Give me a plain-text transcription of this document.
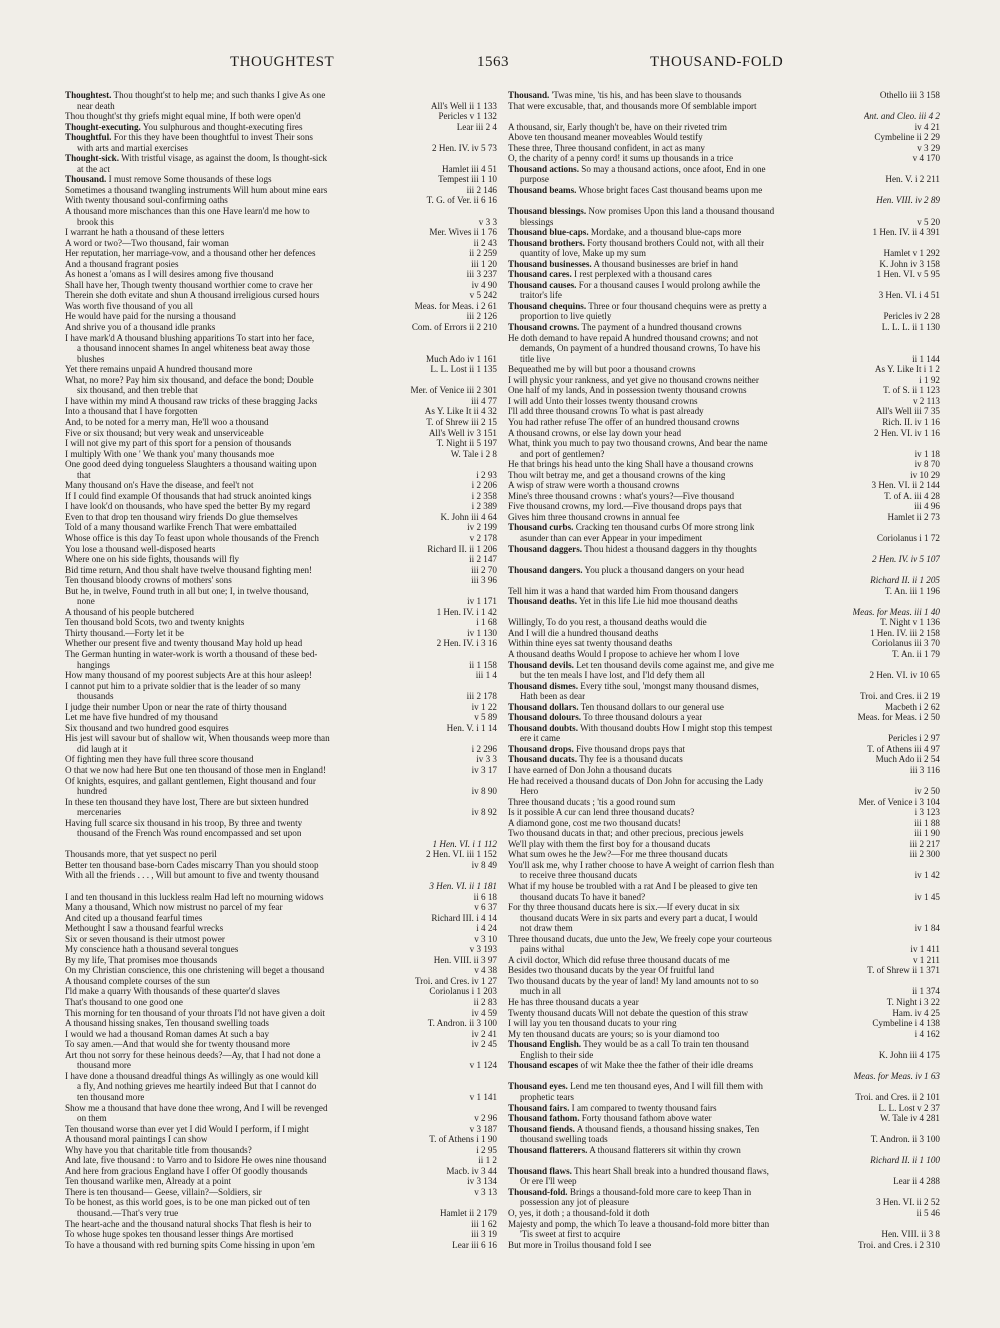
THOUGHTEST	1563	THOUSAND-FOLD
Thoughtest. Thou thought'st to help me; and such thanks I give As one
near death	All's Well ii 1 133
Thou thought'st thy griefs might equal mine, If both were open'd	Pericles v 1 132
Thought-executing. You sulphurous and thought-executing fires	Lear iii 2 4
Thoughtful. For this they have been thoughtful to invest Their sons
with arts and martial exercises	2 Hen. IV. iv 5 73
Thought-sick. With tristful visage, as against the doom, Is thought-sick
at the act	Hamlet iii 4 51
Thousand. I must remove Some thousands of these logs	Tempest iii 1 10
Sometimes a thousand twangling instruments Will hum about mine ears	iii 2 146
With twenty thousand soul-confirming oaths	T. G. of Ver. ii 6 16
A thousand more mischances than this one Have learn'd me how to
brook this	v 3 3
I warrant he hath a thousand of these letters	Mer. Wives ii 1 76
A word or two?—Two thousand, fair woman	ii 2 43
Her reputation, her marriage-vow, and a thousand other her defences	ii 2 259
And a thousand fragrant posies	iii 1 20
As honest a 'omans as I will desires among five thousand	iii 3 237
Shall have her, Though twenty thousand worthier come to crave her	iv 4 90
Therein she doth evitate and shun A thousand irreligious cursed hours	v 5 242
Was worth five thousand of you all	Meas. for Meas. i 2 61
He would have paid for the nursing a thousand	iii 2 126
And shrive you of a thousand idle pranks	Com. of Errors ii 2 210
I have mark'd A thousand blushing apparitions To start into her face,
a thousand innocent shames In angel whiteness beat away those
blushes	Much Ado iv 1 161
Yet there remains unpaid A hundred thousand more	L. L. Lost ii 1 135
What, no more? Pay him six thousand, and deface the bond; Double
six thousand, and then treble that	Mer. of Venice iii 2 301
I have within my mind A thousand raw tricks of these bragging Jacks	iii 4 77
Into a thousand that I have forgotten	As Y. Like It ii 4 32
And, to be noted for a merry man, He'll woo a thousand	T. of Shrew iii 2 15
Five or six thousand; but very weak and unserviceable	All's Well iv 3 151
I will not give my part of this sport for a pension of thousands	T. Night ii 5 197
I multiply With one ' We thank you' many thousands moe	W. Tale i 2 8
One good deed dying tongueless Slaughters a thousand waiting upon
that	i 2 93
Many thousand on's Have the disease, and feel't not	i 2 206
If I could find example Of thousands that had struck anointed kings	i 2 358
I have look'd on thousands, who have sped the better By my regard	i 2 389
Even to that drop ten thousand wiry friends Do glue themselves	K. John iii 4 64
Told of a many thousand warlike French That were embattailed	iv 2 199
Whose office is this day To feast upon whole thousands of the French	v 2 178
You lose a thousand well-disposed hearts	Richard II. ii 1 206
Where one on his side fights, thousands will fly	ii 2 147
Bid time return, And thou shalt have twelve thousand fighting men!	iii 2 70
Ten thousand bloody crowns of mothers' sons	iii 3 96
But he, in twelve, Found truth in all but one; I, in twelve thousand,
none	iv 1 171
A thousand of his people butchered	1 Hen. IV. i 1 42
Ten thousand bold Scots, two and twenty knights	i 1 68
Thirty thousand.—Forty let it be	iv 1 130
Whether our present five and twenty thousand May hold up head	2 Hen. IV. i 3 16
The German hunting in water-work is worth a thousand of these bed-
hangings	ii 1 158
How many thousand of my poorest subjects Are at this hour asleep!	iii 1 4
I cannot put him to a private soldier that is the leader of so many
thousands	iii 2 178
I judge their number Upon or near the rate of thirty thousand	iv 1 22
Let me have five hundred of my thousand	v 5 89
Six thousand and two hundred good esquires	Hen. V. i 1 14
His jest will savour but of shallow wit, When thousands weep more than
did laugh at it	i 2 296
Of fighting men they have full three score thousand	iv 3 3
O that we now had here But one ten thousand of those men in England!	iv 3 17
Of knights, esquires, and gallant gentlemen, Eight thousand and four
hundred	iv 8 90
In these ten thousand they have lost, There are but sixteen hundred
mercenaries	iv 8 92
Having full scarce six thousand in his troop, By three and twenty
thousand of the French Was round encompassed and set upon
1 Hen. VI. i 1 112
Thousands more, that yet suspect no peril	2 Hen. VI. iii 1 152
Better ten thousand base-born Cades miscarry Than you should stoop	iv 8 49
With all the friends . . . , Will but amount to five and twenty thousand
3 Hen. VI. ii 1 181
I and ten thousand in this luckless realm Had left no mourning widows	ii 6 18
Many a thousand, Which now mistrust no parcel of my fear	v 6 37
And cited up a thousand fearful times	Richard III. i 4 14
Methought I saw a thousand fearful wrecks	i 4 24
Six or seven thousand is their utmost power	v 3 10
My conscience hath a thousand several tongues	v 3 193
By my life, That promises moe thousands	Hen. VIII. ii 3 97
On my Christian conscience, this one christening will beget a thousand	v 4 38
A thousand complete courses of the sun	Troi. and Cres. iv 1 27
I'ld make a quarry With thousands of these quarter'd slaves	Coriolanus i 1 203
That's thousand to one good one	ii 2 83
This morning for ten thousand of your throats I'ld not have given a doit	iv 4 59
A thousand hissing snakes, Ten thousand swelling toads	T. Andron. ii 3 100
I would we had a thousand Roman dames At such a bay	iv 2 41
To say amen.—And that would she for twenty thousand more	iv 2 45
Art thou not sorry for these heinous deeds?—Ay, that I had not done a
thousand more	v 1 124
I have done a thousand dreadful things As willingly as one would kill
a fly, And nothing grieves me heartily indeed But that I cannot do
ten thousand more	v 1 141
Show me a thousand that have done thee wrong, And I will be revenged
on them	v 2 96
Ten thousand worse than ever yet I did Would I perform, if I might	v 3 187
A thousand moral paintings I can show	T. of Athens i 1 90
Why have you that charitable title from thousands?	i 2 95
And late, five thousand : to Varro and to Isidore He owes nine thousand	ii 1 2
And here from gracious England have I offer Of goodly thousands	Macb. iv 3 44
Ten thousand warlike men, Already at a point	iv 3 134
There is ten thousand— Geese, villain?—Soldiers, sir	v 3 13
To be honest, as this world goes, is to be one man picked out of ten
thousand.—That's very true	Hamlet ii 2 179
The heart-ache and the thousand natural shocks That flesh is heir to	iii 1 62
To whose huge spokes ten thousand lesser things Are mortised	iii 3 19
To have a thousand with red burning spits Come hissing in upon 'em	Lear iii 6 16
Thousand. 'Twas mine, 'tis his, and has been slave to thousands	Othello iii 3 158
That were excusable, that, and thousands more Of semblable import
Ant. and Cleo. iii 4 2
A thousand, sir, Early though't be, have on their riveted trim	iv 4 21
Above ten thousand meaner moveables Would testify	Cymbeline ii 2 29
These three, Three thousand confident, in act as many	v 3 29
O, the charity of a penny cord! it sums up thousands in a trice	v 4 170
Thousand actions. So may a thousand actions, once afoot, End in one
purpose	Hen. V. i 2 211
Thousand beams. Whose bright faces Cast thousand beams upon me
Hen. VIII. iv 2 89
Thousand blessings. Now promises Upon this land a thousand thousand
blessings	v 5 20
Thousand blue-caps. Mordake, and a thousand blue-caps more	1 Hen. IV. ii 4 391
Thousand brothers. Forty thousand brothers Could not, with all their
quantity of love, Make up my sum	Hamlet v 1 292
Thousand businesses. A thousand businesses are brief in hand	K. John iv 3 158
Thousand cares. I rest perplexed with a thousand cares	1 Hen. VI. v 5 95
Thousand causes. For a thousand causes I would prolong awhile the
traitor's life	3 Hen. VI. i 4 51
Thousand chequins. Three or four thousand chequins were as pretty a
proportion to live quietly	Pericles iv 2 28
Thousand crowns. The payment of a hundred thousand crowns	L. L. L. ii 1 130
He doth demand to have repaid A hundred thousand crowns; and not
demands, On payment of a hundred thousand crowns, To have his
title live	ii 1 144
Bequeathed me by will but poor a thousand crowns	As Y. Like It i 1 2
I will physic your rankness, and yet give no thousand crowns neither	i 1 92
One half of my lands, And in possession twenty thousand crowns	T. of S. ii 1 123
I will add Unto their losses twenty thousand crowns	v 2 113
I'll add three thousand crowns To what is past already	All's Well iii 7 35
You had rather refuse The offer of an hundred thousand crowns	Rich. II. iv 1 16
A thousand crowns, or else lay down your head	2 Hen. VI. iv 1 16
What, think you much to pay two thousand crowns, And bear the name
and port of gentlemen?	iv 1 18
He that brings his head unto the king Shall have a thousand crowns	iv 8 70
Thou wilt betray me, and get a thousand crowns of the king	iv 10 29
A wisp of straw were worth a thousand crowns	3 Hen. VI. ii 2 144
Mine's three thousand crowns : what's yours?—Five thousand	T. of A. iii 4 28
Five thousand crowns, my lord.—Five thousand drops pays that	iii 4 96
Gives him three thousand crowns in annual fee	Hamlet ii 2 73
Thousand curbs. Cracking ten thousand curbs Of more strong link
asunder than can ever Appear in your impediment	Coriolanus i 1 72
Thousand daggers. Thou hidest a thousand daggers in thy thoughts
2 Hen. IV. iv 5 107
Thousand dangers. You pluck a thousand dangers on your head
Richard II. ii 1 205
Tell him it was a hand that warded him From thousand dangers	T. An. iii 1 196
Thousand deaths. Yet in this life Lie hid moe thousand deaths
Meas. for Meas. iii 1 40
Willingly, To do you rest, a thousand deaths would die	T. Night v 1 136
And I will die a hundred thousand deaths	1 Hen. IV. iii 2 158
Within thine eyes sat twenty thousand deaths	Coriolanus iii 3 70
A thousand deaths Would I propose to achieve her whom I love	T. An. ii 1 79
Thousand devils. Let ten thousand devils come against me, and give me
but the ten meals I have lost, and I'ld defy them all	2 Hen. VI. iv 10 65
Thousand dismes. Every tithe soul, 'mongst many thousand dismes,
Hath been as dear	Troi. and Cres. ii 2 19
Thousand dollars. Ten thousand dollars to our general use	Macbeth i 2 62
Thousand dolours. To three thousand dolours a year	Meas. for Meas. i 2 50
Thousand doubts. With thousand doubts How I might stop this tempest
ere it came	Pericles i 2 97
Thousand drops. Five thousand drops pays that	T. of Athens iii 4 97
Thousand ducats. Thy fee is a thousand ducats	Much Ado ii 2 54
I have earned of Don John a thousand ducats	iii 3 116
He had received a thousand ducats of Don John for accusing the Lady
Hero	iv 2 50
Three thousand ducats ; 'tis a good round sum	Mer. of Venice i 3 104
Is it possible A cur can lend three thousand ducats?	i 3 123
A diamond gone, cost me two thousand ducats!	iii 1 88
Two thousand ducats in that; and other precious, precious jewels	iii 1 90
We'll play with them the first boy for a thousand ducats	iii 2 217
What sum owes he the Jew?—For me three thousand ducats	iii 2 300
You'll ask me, why I rather choose to have A weight of carrion flesh than
to receive three thousand ducats	iv 1 42
What if my house be troubled with a rat And I be pleased to give ten
thousand ducats To have it baned?	iv 1 45
For thy three thousand ducats here is six.—If every ducat in six
thousand ducats Were in six parts and every part a ducat, I would
not draw them	iv 1 84
Three thousand ducats, due unto the Jew, We freely cope your courteous
pains withal	iv 1 411
A civil doctor, Which did refuse three thousand ducats of me	v 1 211
Besides two thousand ducats by the year Of fruitful land	T. of Shrew ii 1 371
Two thousand ducats by the year of land! My land amounts not to so
much in all	ii 1 374
He has three thousand ducats a year	T. Night i 3 22
Twenty thousand ducats Will not debate the question of this straw	Ham. iv 4 25
I will lay you ten thousand ducats to your ring	Cymbeline i 4 138
My ten thousand ducats are yours; so is your diamond too	i 4 162
Thousand English. They would be as a call To train ten thousand
English to their side	K. John iii 4 175
Thousand escapes of wit Make thee the father of their idle dreams
Meas. for Meas. iv 1 63
Thousand eyes. Lend me ten thousand eyes, And I will fill them with
prophetic tears	Troi. and Cres. ii 2 101
Thousand fairs. I am compared to twenty thousand fairs	L. L. Lost v 2 37
Thousand fathom. Forty thousand fathom above water	W. Tale iv 4 281
Thousand fiends. A thousand fiends, a thousand hissing snakes, Ten
thousand swelling toads	T. Andron. ii 3 100
Thousand flatterers. A thousand flatterers sit within thy crown
Richard II. ii 1 100
Thousand flaws. This heart Shall break into a hundred thousand flaws,
Or ere I'll weep	Lear ii 4 288
Thousand-fold. Brings a thousand-fold more care to keep Than in
possession any jot of pleasure	3 Hen. VI. ii 2 52
O, yes, it doth ; a thousand-fold it doth	ii 5 46
Majesty and pomp, the which To leave a thousand-fold more bitter than
'Tis sweet at first to acquire	Hen. VIII. ii 3 8
But more in Troilus thousand fold I see	Troi. and Cres. i 2 310
